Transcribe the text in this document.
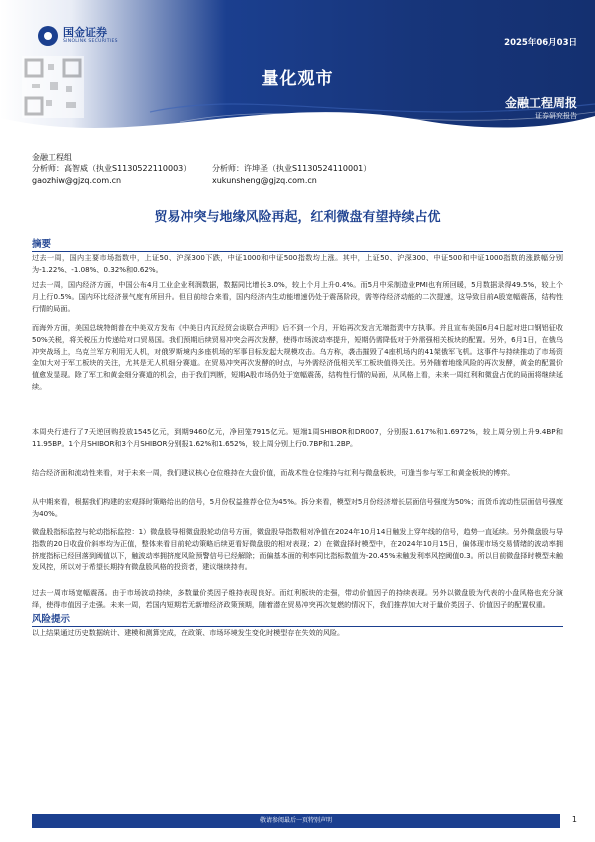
国金证券
SINOLINK SECURITIES	2025年06月03日
量化观市
金融工程周报
证券研究报告
金融工程组
分析师：高智威（执业S1130522110003）
gaozhiw@gjzq.com.cn
分析师：许坤圣（执业S1130524110001）
xukunsheng@gjzq.com.cn
贸易冲突与地缘风险再起，红利微盘有望持续占优
摘要

过去一周，国内主要市场指数中，上证50、沪深300下跌，中证1000和中证500指数均上涨。其中，上证50、沪深300、中证500和中证1000指数的涨跌幅分别为-1.22%、-1.08%、0.32%和0.62%。

过去一周，国内经济方面，中国公布4月工业企业利润数据，数据同比增长3.0%，较上个月上升0.4%。而5月中采制造业PMI也有所回暖，5月数据录得49.5%，较上个月上行0.5%。国内环比经济景气度有所回升。但目前综合来看，国内经济内生动能增速仍处于震荡阶段，需等待经济动能的二次提速，这导致目前A股宽幅震荡，结构性行情的局面。

而海外方面，美国总统特朗普在中美双方发布《中美日内瓦经贸会谈联合声明》后不到一个月，开始再次发言无端指责中方执事。并且宣布美国6月4日起对进口钢铝征收50%关税，将关税压力传递给对口贸易国。我们预期后续贸易冲突会再次发酵，使得市场波动率提升，短期仍需降低对于外需强相关板块的配置。另外，6月1日，在俄乌冲突战场上，乌克兰军方利用无人机，对俄罗斯境内多座机场的军事目标发起大规模攻击。乌方称，袭击摧毁了4座机场内的41架俄军飞机。这事件与持续推动了市场资金加大对于军工板块的关注，尤其是无人机细分赛道。在贸易冲突再次发酵的时点，与外需经济低相关军工板块值得关注。另外随着地缘风险的再次发酵，黄金的配置价值愈发显现。除了军工和黄金细分赛道的机会，由于我们判断，短期A股市场仍处于宽幅震荡，结构性行情的局面，从风格上看，未来一周红利和微盘占优的局面将继续延续。

本周央行进行了7天逆回购投放1545亿元，到期9460亿元，净回笼7915亿元。短端1周SHIBOR和DR007，分别报1.617%和1.6972%，较上周分别上升9.4BP和11.95BP。1个月SHIBOR和3个月SHIBOR分别报1.62%和1.652%，较上周分别上行0.7BP和1.2BP。

结合经济面和流动性来看，对于未来一周，我们建议核心仓位维持在大盘价值，而战术性仓位维持与红利与微盘板块，可逢当参与军工和黄金板块的博弈。

从中期来看，根据我们构建的宏观择时策略给出的信号，5月份权益推荐仓位为45%。拆分来看，模型对5月份经济增长层面信号强度为50%；而货币流动性层面信号强度为40%。

微盘股指标监控与轮动指标监控：1）微盘股导相微盘股轮动信号方面，微盘股导指数相对净值在2024年10月14日触发上穿年线的信号，趋势一直延续。另外微盘股与导指数的20日收盘价斜率均为正值，整体来看目前轮动策略后续更看好微盘股的相对表现；2）在微盘择时模型中，在2024年10月15日，偏体现市场交易情绪的波动率拥挤度指标已经回落到阈值以下，触波动率拥挤度风险预警信号已经解除；而偏基本面的利率同比指标数值为-20.45%未触发利率风控阈值0.3。所以目前微盘择时模型未触发风控，所以对于希望长期持有微盘股风格的投资者，建议继续持有。

过去一周市场宽幅震荡。由于市场波动持续，多数量价类因子维持表现良好。而红利板块的走强，带动价值因子的持续表现。另外以微盘股为代表的小盘风格也充分演绎，使得市值因子走强。未来一周，若国内短期若无新增经济政策预期，随着潜在贸易冲突再次复燃的情况下，我们推荐加大对于量价类因子、价值因子的配置权重。

风险提示

以上结果通过历史数据统计、建模和测算完成，在政策、市场环境发生变化时模型存在失效的风险。

敬请参阅最后一页特别声明	1
